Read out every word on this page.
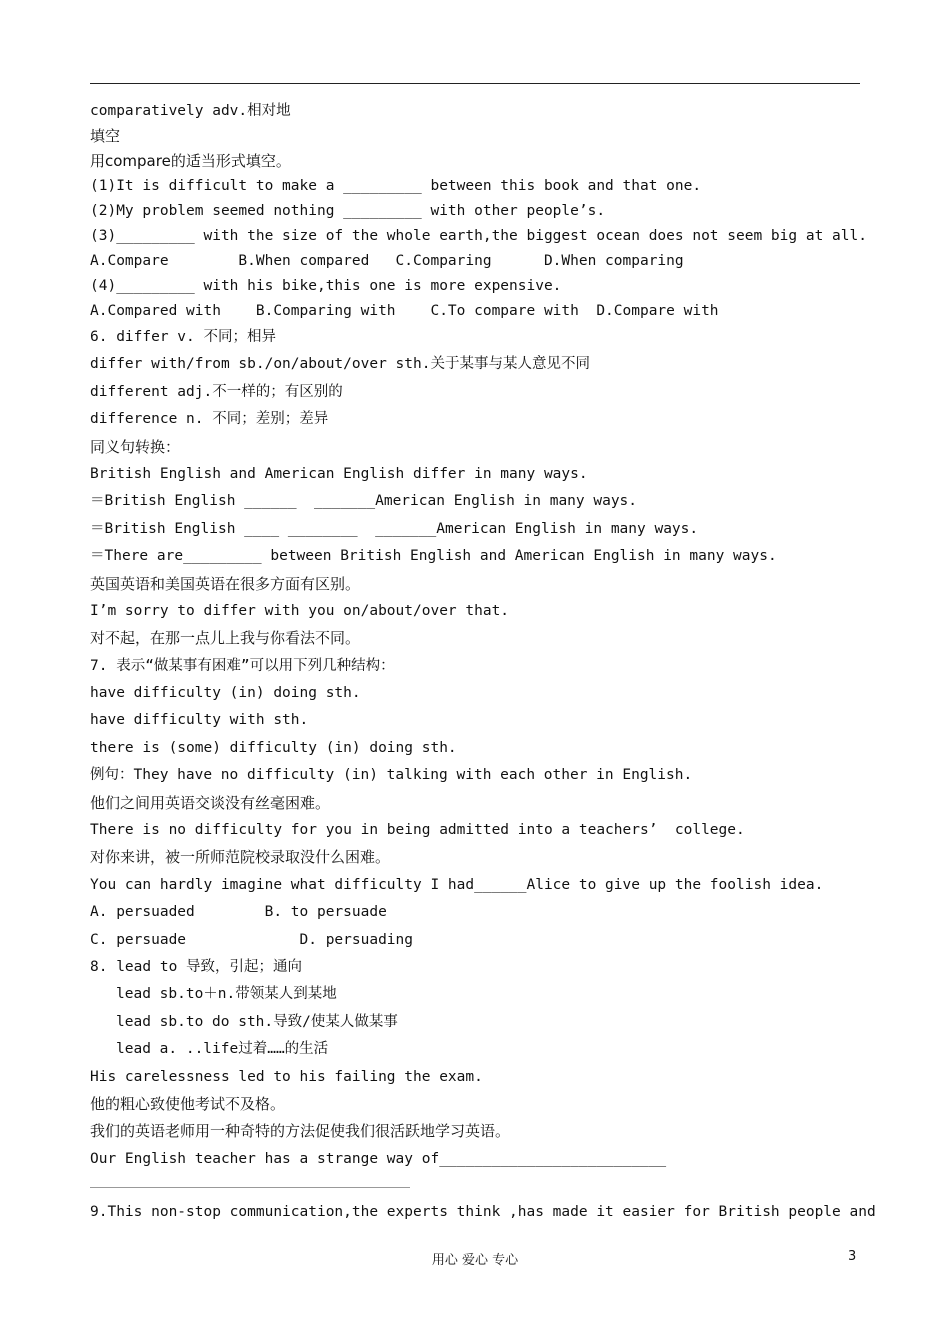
comparatively adv.相对地
填空
用compare的适当形式填空。
(1)It is difficult to make a _________ between this book and that one.
(2)My problem seemed nothing _________ with other people’s.
(3)_________ with the size of the whole earth,the biggest ocean does not seem big at all.
A.Compare        B.When compared   C.Comparing      D.When comparing
(4)_________ with his bike,this one is more expensive.
A.Compared with    B.Comparing with    C.To compare with  D.Compare with
6. differ v. 不同；相异
differ with/from sb./on/about/over sth.关于某事与某人意见不同
different adj.不一样的；有区别的
difference n. 不同；差别；差异
同义句转换：
British English and American English differ in many ways.
＝British English ______  _______American English in many ways.
＝British English ____ ________  _______American English in many ways.
＝There are_________ between British English and American English in many ways.
英国英语和美国英语在很多方面有区别。
I’m sorry to differ with you on/about/over that.
对不起，在那一点儿上我与你看法不同。
7. 表示“做某事有困难”可以用下列几种结构：
have difficulty (in) doing sth.
have difficulty with sth.
there is (some) difficulty (in) doing sth.
例句：They have no difficulty (in) talking with each other in English.
他们之间用英语交谈没有丝毫困难。
There is no difficulty for you in being admitted into a teachers’  college.
对你来讲，被一所师范院校录取没什么困难。
You can hardly imagine what difficulty I had______Alice to give up the foolish idea.
A. persuaded        B. to persuade
C. persuade             D. persuading
8. lead to 导致，引起；通向
lead sb.to＋n.带领某人到某地
lead sb.to do sth.导致/使某人做某事
lead a. ..life过着……的生活
His carelessness led to his failing the exam.
他的粗心致使他考试不及格。
我们的英语老师用一种奇特的方法促使我们很活跃地学习英语。
Our English teacher has a strange way of__________________________
9.This non-stop communication,the experts think ,has made it easier for British people and
用心 爱心 专心	3
